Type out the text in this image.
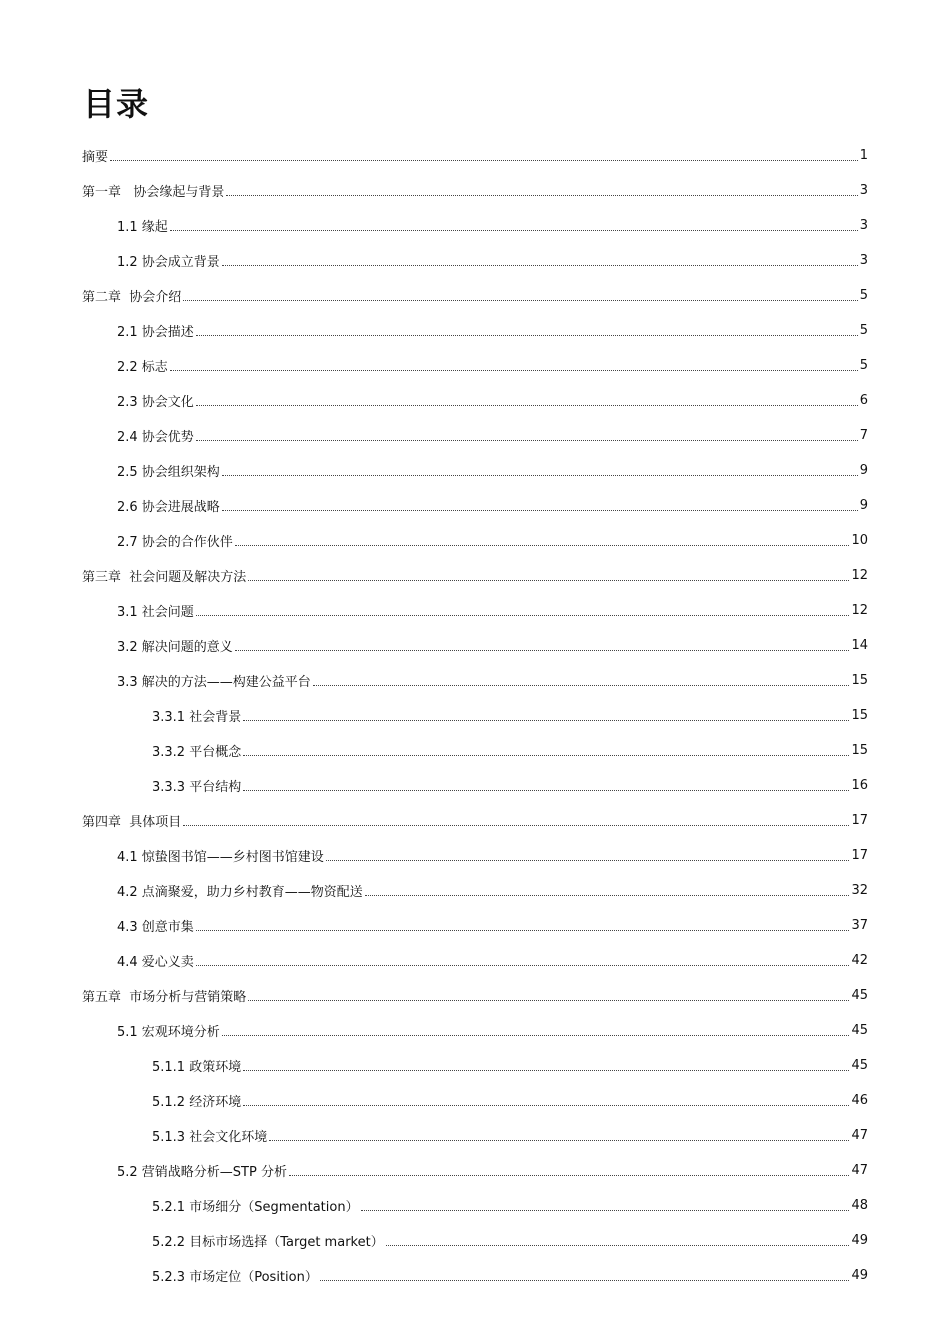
目录
摘要	1
第一章   协会缘起与背景	3
1.1 缘起	3
1.2 协会成立背景	3
第二章  协会介绍	5
2.1 协会描述	5
2.2 标志	5
2.3 协会文化	6
2.4 协会优势	7
2.5 协会组织架构	9
2.6 协会进展战略	9
2.7 协会的合作伙伴	10
第三章  社会问题及解决方法	12
3.1 社会问题	12
3.2 解决问题的意义	14
3.3 解决的方法——构建公益平台	15
3.3.1 社会背景	15
3.3.2 平台概念	15
3.3.3 平台结构	16
第四章  具体项目	17
4.1 惊蛰图书馆——乡村图书馆建设	17
4.2 点滴聚爱，助力乡村教育——物资配送	32
4.3 创意市集	37
4.4 爱心义卖	42
第五章  市场分析与营销策略	45
5.1 宏观环境分析	45
5.1.1 政策环境	45
5.1.2 经济环境	46
5.1.3 社会文化环境	47
5.2 营销战略分析—STP 分析	47
5.2.1 市场细分（Segmentation）	48
5.2.2 目标市场选择（Target market）	49
5.2.3 市场定位（Position）	49
